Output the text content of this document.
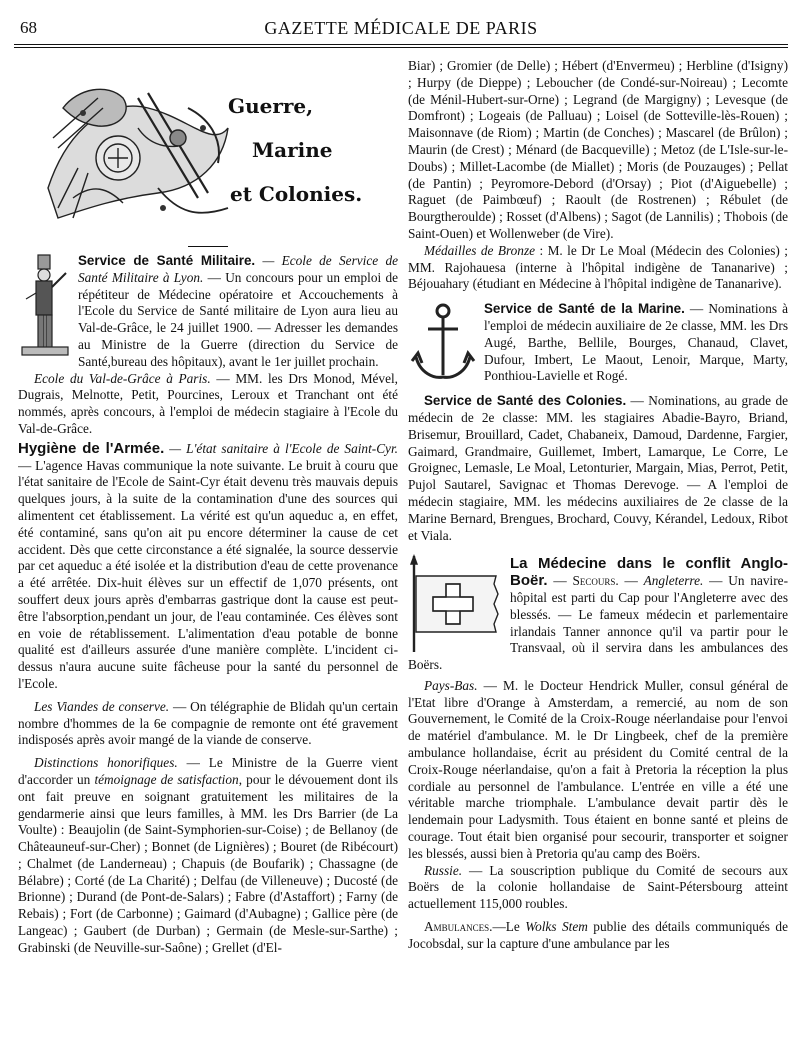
68	GAZETTE MÉDICALE DE PARIS
Guerre,
Marine
et Colonies.

Service de Santé Militaire. — Ecole de Service de Santé Militaire à Lyon. — Un concours pour un emploi de répétiteur de Médecine opératoire et Accouchements à l'Ecole du Service de Santé militaire de Lyon aura lieu au Val-de-Grâce, le 24 juillet 1900. — Adresser les demandes au Ministre de la Guerre (direction du Service de Santé,bureau des hôpitaux), avant le 1er juillet prochain.

Ecole du Val-de-Grâce à Paris. — MM. les Drs Monod, Mével, Dugrais, Melnotte, Petit, Pourcines, Leroux et Tranchant ont été nommés, après concours, à l'emploi de médecin stagiaire à l'Ecole du Val-de-Grâce.

Hygiène de l'Armée. — L'état sanitaire à l'Ecole de Saint-Cyr. — L'agence Havas communique la note suivante. Le bruit à couru que l'état sanitaire de l'Ecole de Saint-Cyr était devenu très mauvais depuis quelques jours, à la suite de la contamination d'une des sources qui alimentent cet établissement. La vérité est qu'un aqueduc a, en effet, été contaminé, sans qu'on ait pu encore déterminer la cause de cet accident. Dès que cette circonstance a été signalée, la source desservie par cet aqueduc a été isolée et la distribution d'eau de cette provenance a été arrêtée. Dix-huit élèves sur un effectif de 1,070 présents, ont souffert deux jours après d'embarras gastrique dont la cause est peut-être l'absorption,pendant un jour, de l'eau contaminée. Ces élèves sont en voie de rétablissement. L'alimentation d'eau potable de bonne qualité est d'ailleurs assurée d'une manière complète. L'incident ci-dessus n'aura aucune suite fâcheuse pour la santé du personnel de l'Ecole.

Les Viandes de conserve. — On télégraphie de Blidah qu'un certain nombre d'hommes de la 6e compagnie de remonte ont été gravement indisposés après avoir mangé de la viande de conserve.

Distinctions honorifiques. — Le Ministre de la Guerre vient d'accorder un témoignage de satisfaction, pour le dévouement dont ils ont fait preuve en soignant gratuitement les militaires de la gendarmerie ainsi que leurs familles, à MM. les Drs Barrier (de La Voulte) : Beaujolin (de Saint-Symphorien-sur-Coise) ; de Bellanoy (de Châteauneuf-sur-Cher) ; Bonnet (de Lignières) ; Bouret (de Ribécourt) ; Chalmet (de Landerneau) ; Chapuis (de Boufarik) ; Chassagne (de Bélabre) ; Corté (de La Charité) ; Delfau (de Villeneuve) ; Ducosté (de Brionne) ; Durand (de Pont-de-Salars) ; Fabre (d'Astaffort) ; Farny (de Rebais) ; Fort (de Carbonne) ; Gaimard (d'Aubagne) ; Gallice père (de Langeac) ; Gaubert (de Durban) ; Germain (de Mesle-sur-Sarthe) ; Grabinski (de Neuville-sur-Saône) ; Grellet (d'El-

Biar) ; Gromier (de Delle) ; Hébert (d'Envermeu) ; Herbline (d'Isigny) ; Hurpy (de Dieppe) ; Leboucher (de Condé-sur-Noireau) ; Lecomte (de Ménil-Hubert-sur-Orne) ; Legrand (de Margigny) ; Levesque (de Domfront) ; Logeais (de Palluau) ; Loisel (de Sotteville-lès-Rouen) ; Maisonnave (de Riom) ; Martin (de Conches) ; Mascarel (de Brûlon) ; Maurin (de Crest) ; Ménard (de Bacqueville) ; Metoz (de L'Isle-sur-le-Doubs) ; Millet-Lacombe (de Miallet) ; Moris (de Pouzauges) ; Pellat (de Pantin) ; Peyromore-Debord (d'Orsay) ; Piot (d'Aiguebelle) ; Raguet (de Paimbœuf) ; Raoult (de Rostrenen) ; Rébulet (de Bourgtheroulde) ; Rosset (d'Albens) ; Sagot (de Lannilis) ; Thobois (de Saint-Ouen) et Wollenweber (de Vire).

Médailles de Bronze : M. le Dr Le Moal (Médecin des Colonies) ; MM. Rajohauesa (interne à l'hôpital indigène de Tananarive) ; Béjouahary (étudiant en Médecine à l'hôpital indigène de Tananarive).

Service de Santé de la Marine. — Nominations à l'emploi de médecin auxiliaire de 2e classe, MM. les Drs Augé, Barthe, Bellile, Bourges, Chanaud, Clavet, Dufour, Imbert, Le Maout, Lenoir, Marque, Marty, Ponthiou-Lavielle et Rogé.

Service de Santé des Colonies. — Nominations, au grade de médecin de 2e classe: MM. les stagiaires Abadie-Bayro, Briand, Brisemur, Brouillard, Cadet, Chabaneix, Damoud, Dardenne, Fargier, Gaimard, Grandmaire, Guillemet, Imbert, Lamarque, Le Corre, Le Groignec, Lemasle, Le Moal, Letonturier, Margain, Mias, Perrot, Petit, Pujol Sautarel, Savignac et Thomas Derevoge. — A l'emploi de médecin stagiaire, MM. les médecins auxiliaires de 2e classe de la Marine Bernard, Brengues, Brochard, Couvy, Kérandel, Ledoux, Ribot et Viala.

La Médecine dans le conflit Anglo-Boër. — Secours. — Angleterre. — Un navire-hôpital est parti du Cap pour l'Angleterre avec des blessés. — Le fameux médecin et parlementaire irlandais Tanner annonce qu'il va partir pour le Transvaal, où il servira dans les ambulances des Boërs.

Pays-Bas. — M. le Docteur Hendrick Muller, consul général de l'Etat libre d'Orange à Amsterdam, a remercié, au nom de son Gouvernement, le Comité de la Croix-Rouge néerlandaise pour l'envoi de matériel d'ambulance. M. le Dr Lingbeek, chef de la première ambulance hollandaise, écrit au président du Comité central de la Croix-Rouge néerlandaise, qu'on a fait à Pretoria la réception la plus cordiale au personnel de l'ambulance. L'entrée en ville a été une véritable marche triomphale. L'ambulance devait partir dès le lendemain pour Ladysmith. Tous étaient en bonne santé et pleins de courage. Tout était bien organisé pour secourir, transporter et soigner les blessés, aussi bien à Pretoria qu'au camp des Boërs.

Russie. — La souscription publique du Comité de secours aux Boërs de la colonie hollandaise de Saint-Pétersbourg atteint actuellement 115,000 roubles.

Ambulances.—Le Wolks Stem publie des détails communiqués de Jocobsdal, sur la capture d'une ambulance par les
